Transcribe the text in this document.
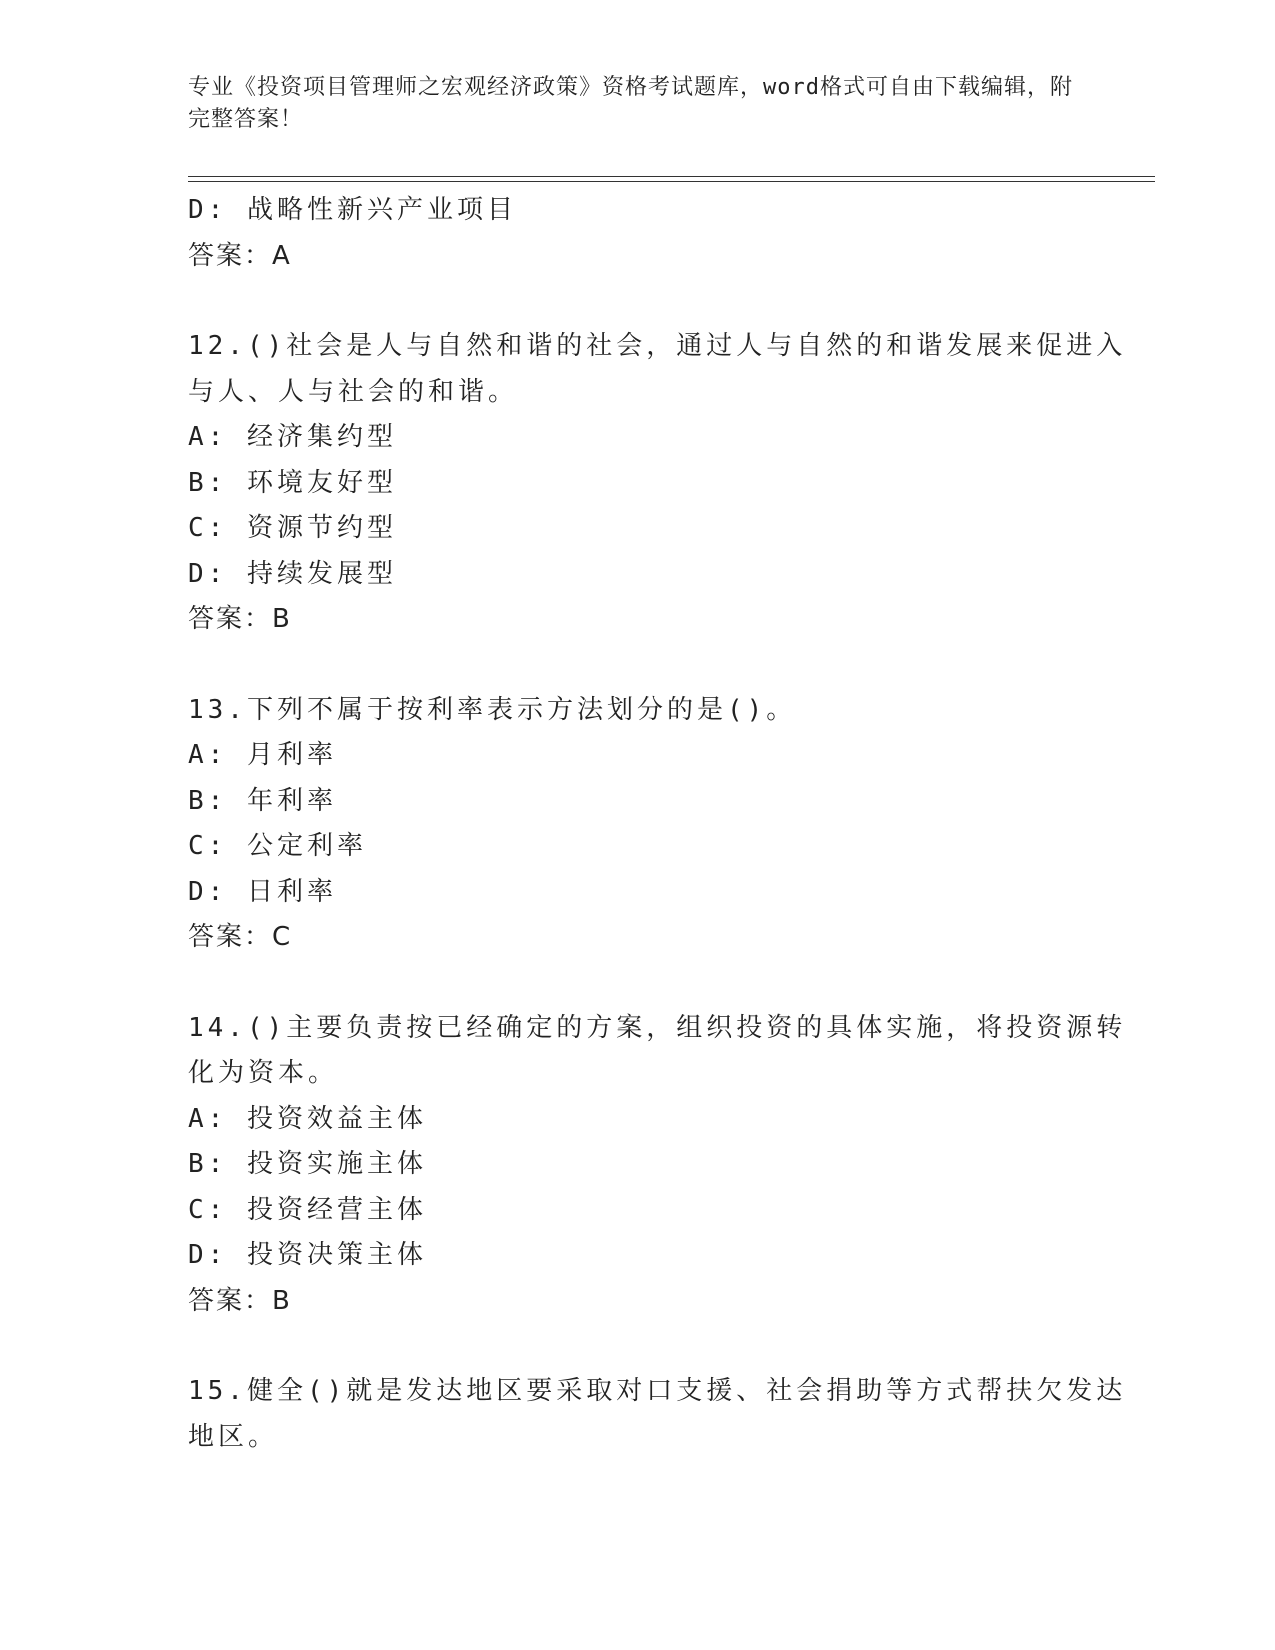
专业《投资项目管理师之宏观经济政策》资格考试题库，word格式可自由下载编辑，附完整答案！
D: 战略性新兴产业项目
答案：A
12.()社会是人与自然和谐的社会，通过人与自然的和谐发展来促进入
与人、人与社会的和谐。
A: 经济集约型
B: 环境友好型
C: 资源节约型
D: 持续发展型
答案：B
13.下列不属于按利率表示方法划分的是()。
A: 月利率
B: 年利率
C: 公定利率
D: 日利率
答案：C
14.()主要负责按已经确定的方案，组织投资的具体实施，将投资源转
化为资本。
A: 投资效益主体
B: 投资实施主体
C: 投资经营主体
D: 投资决策主体
答案：B
15.健全()就是发达地区要采取对口支援、社会捐助等方式帮扶欠发达
地区。
